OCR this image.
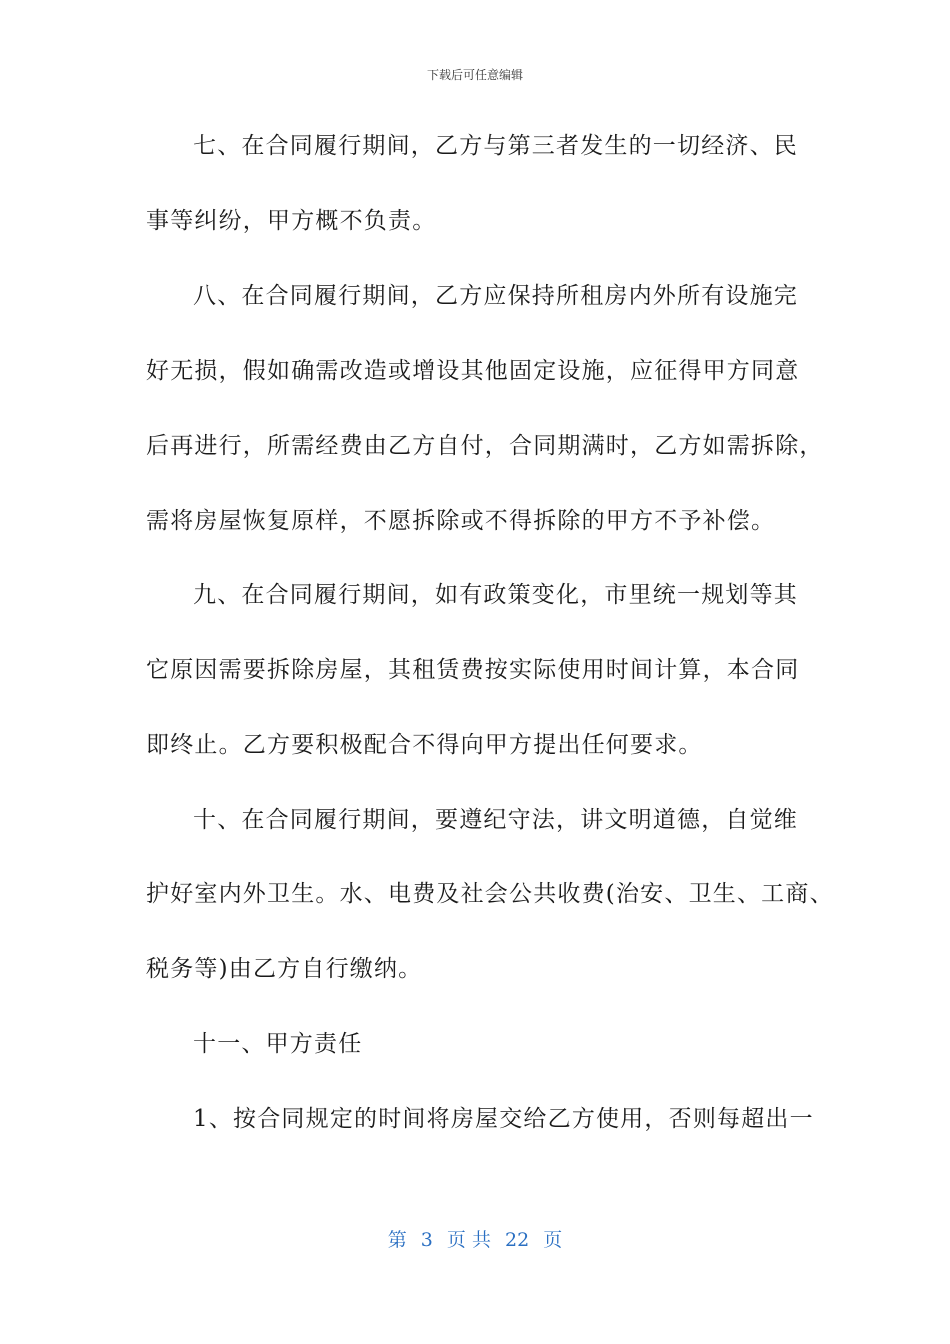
下载后可任意编辑
七、在合同履行期间，乙方与第三者发生的一切经济、民
事等纠纷，甲方概不负责。
八、在合同履行期间，乙方应保持所租房内外所有设施完
好无损，假如确需改造或增设其他固定设施，应征得甲方同意
后再进行，所需经费由乙方自付，合同期满时，乙方如需拆除，
需将房屋恢复原样，不愿拆除或不得拆除的甲方不予补偿。
九、在合同履行期间，如有政策变化，市里统一规划等其
它原因需要拆除房屋，其租赁费按实际使用时间计算，本合同
即终止。乙方要积极配合不得向甲方提出任何要求。
十、在合同履行期间，要遵纪守法，讲文明道德，自觉维
护好室内外卫生。水、电费及社会公共收费(治安、卫生、工商、
税务等)由乙方自行缴纳。
十一、甲方责任
1、按合同规定的时间将房屋交给乙方使用，否则每超出一
第 3 页 共 22 页
